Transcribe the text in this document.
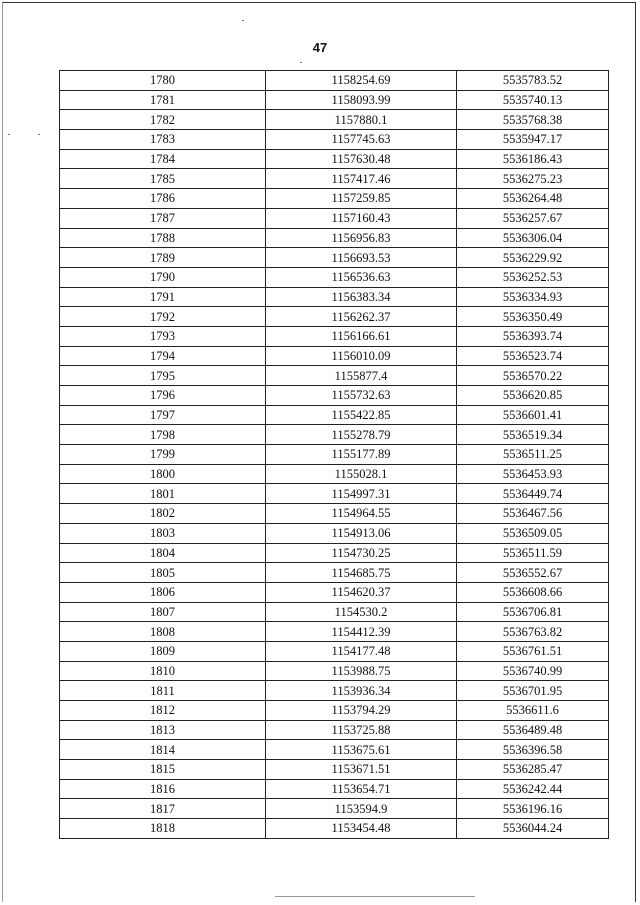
47
1780	1158254.69	5535783.52
1781	1158093.99	5535740.13
1782	1157880.1	5535768.38
1783	1157745.63	5535947.17
1784	1157630.48	5536186.43
1785	1157417.46	5536275.23
1786	1157259.85	5536264.48
1787	1157160.43	5536257.67
1788	1156956.83	5536306.04
1789	1156693.53	5536229.92
1790	1156536.63	5536252.53
1791	1156383.34	5536334.93
1792	1156262.37	5536350.49
1793	1156166.61	5536393.74
1794	1156010.09	5536523.74
1795	1155877.4	5536570.22
1796	1155732.63	5536620.85
1797	1155422.85	5536601.41
1798	1155278.79	5536519.34
1799	1155177.89	5536511.25
1800	1155028.1	5536453.93
1801	1154997.31	5536449.74
1802	1154964.55	5536467.56
1803	1154913.06	5536509.05
1804	1154730.25	5536511.59
1805	1154685.75	5536552.67
1806	1154620.37	5536608.66
1807	1154530.2	5536706.81
1808	1154412.39	5536763.82
1809	1154177.48	5536761.51
1810	1153988.75	5536740.99
1811	1153936.34	5536701.95
1812	1153794.29	5536611.6
1813	1153725.88	5536489.48
1814	1153675.61	5536396.58
1815	1153671.51	5536285.47
1816	1153654.71	5536242.44
1817	1153594.9	5536196.16
1818	1153454.48	5536044.24
